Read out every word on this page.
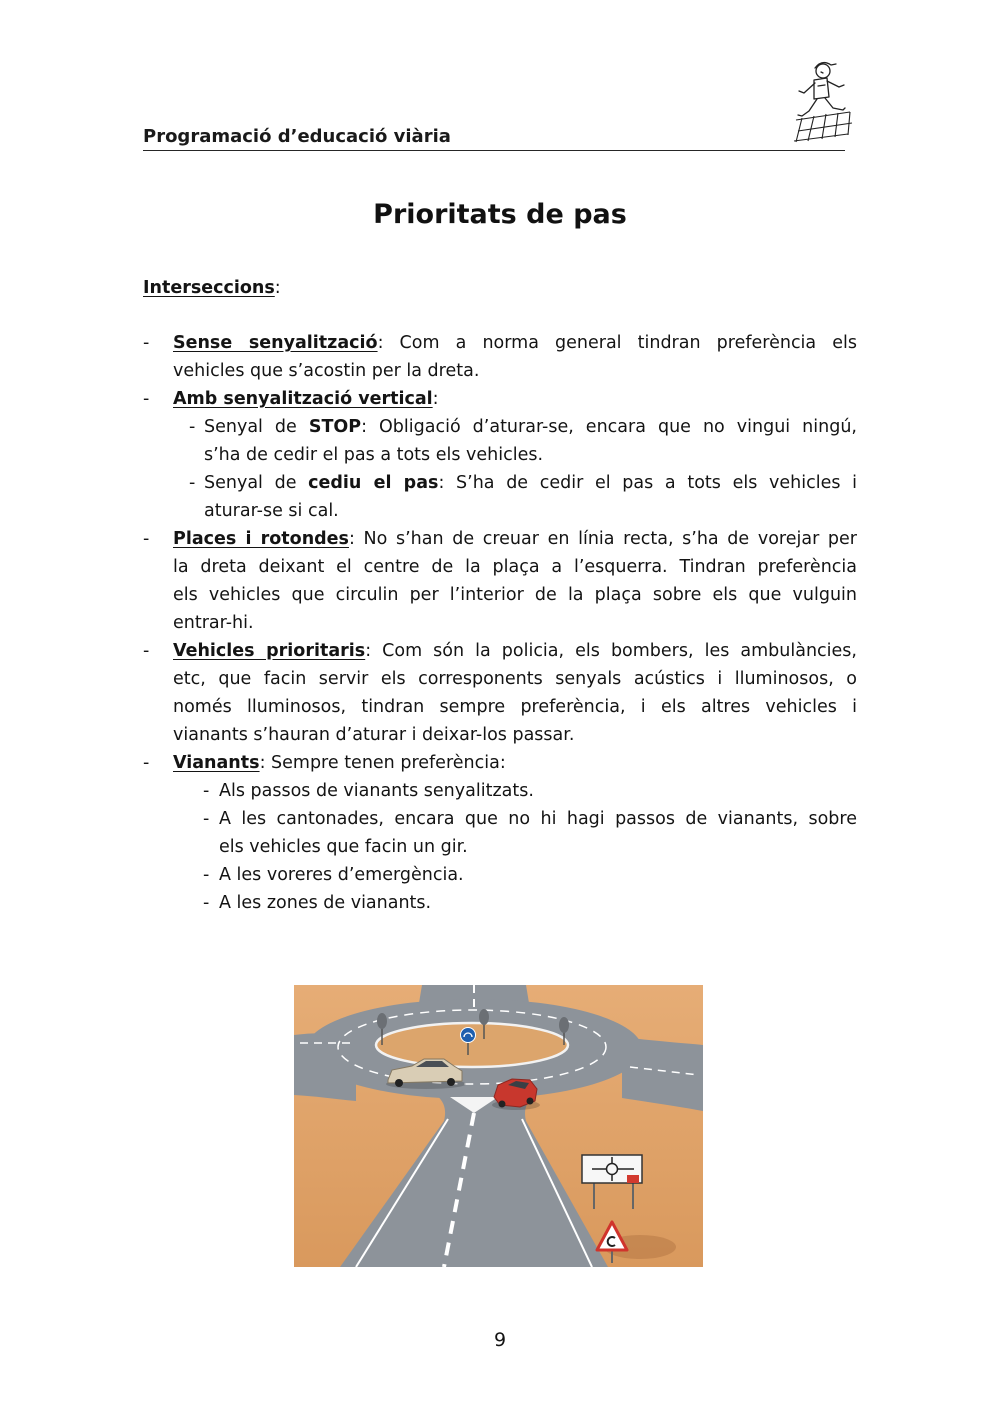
Programació d’educació viària
Prioritats de pas
Interseccions:
- Sense senyalització: Com a norma general tindran preferència els
vehicles que s’acostin per la dreta.
- Amb senyalització vertical:
- Senyal de STOP: Obligació d’aturar-se, encara que no vingui ningú,
s’ha de cedir el pas a tots els vehicles.
- Senyal de cediu el pas: S’ha de cedir el pas a tots els vehicles i
aturar-se si cal.
- Places i rotondes: No s’han de creuar en línia recta, s’ha de vorejar per
la dreta deixant el centre de la plaça a l’esquerra. Tindran preferència
els vehicles que circulin per l’interior de la plaça sobre els que vulguin
entrar-hi.
- Vehicles prioritaris: Com són la policia, els bombers, les ambulàncies,
etc, que facin servir els corresponents senyals acústics i lluminosos, o
només lluminosos, tindran sempre preferència, i els altres vehicles i
vianants s’hauran d’aturar i deixar-los passar.
- Vianants: Sempre tenen preferència:
- Als passos de vianants senyalitzats.
- A les cantonades, encara que no hi hagi passos de vianants, sobre
els vehicles que facin un gir.
- A les voreres d’emergència.
- A les zones de vianants.
9
